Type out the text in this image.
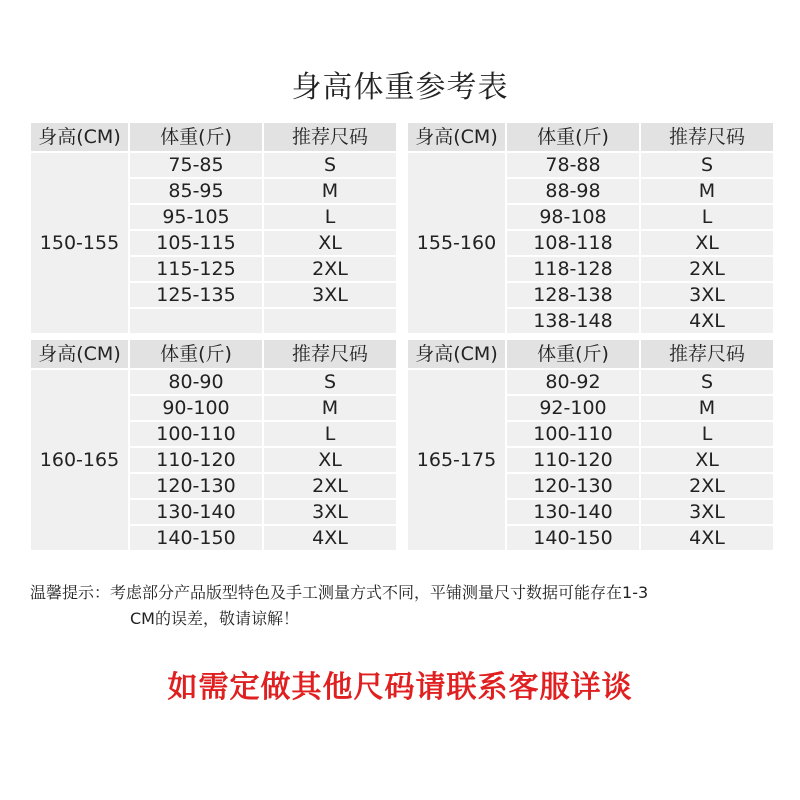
身高体重参考表
身高(CM)	体重(斤)	推荐尺码
150-155	75-85	S
	85-95	M
	95-105	L
	105-115	XL
	115-125	2XL
	125-135	3XL

身高(CM)	体重(斤)	推荐尺码
155-160	78-88	S
	88-98	M
	98-108	L
	108-118	XL
	118-128	2XL
	128-138	3XL
	138-148	4XL
身高(CM)	体重(斤)	推荐尺码
160-165	80-90	S
	90-100	M
	100-110	L
	110-120	XL
	120-130	2XL
	130-140	3XL
	140-150	4XL
身高(CM)	体重(斤)	推荐尺码
165-175	80-92	S
	92-100	M
	100-110	L
	110-120	XL
	120-130	2XL
	130-140	3XL
	140-150	4XL
温馨提示：考虑部分产品版型特色及手工测量方式不同，平铺测量尺寸数据可能存在1-3
CM的误差，敬请谅解！
如需定做其他尺码请联系客服详谈
